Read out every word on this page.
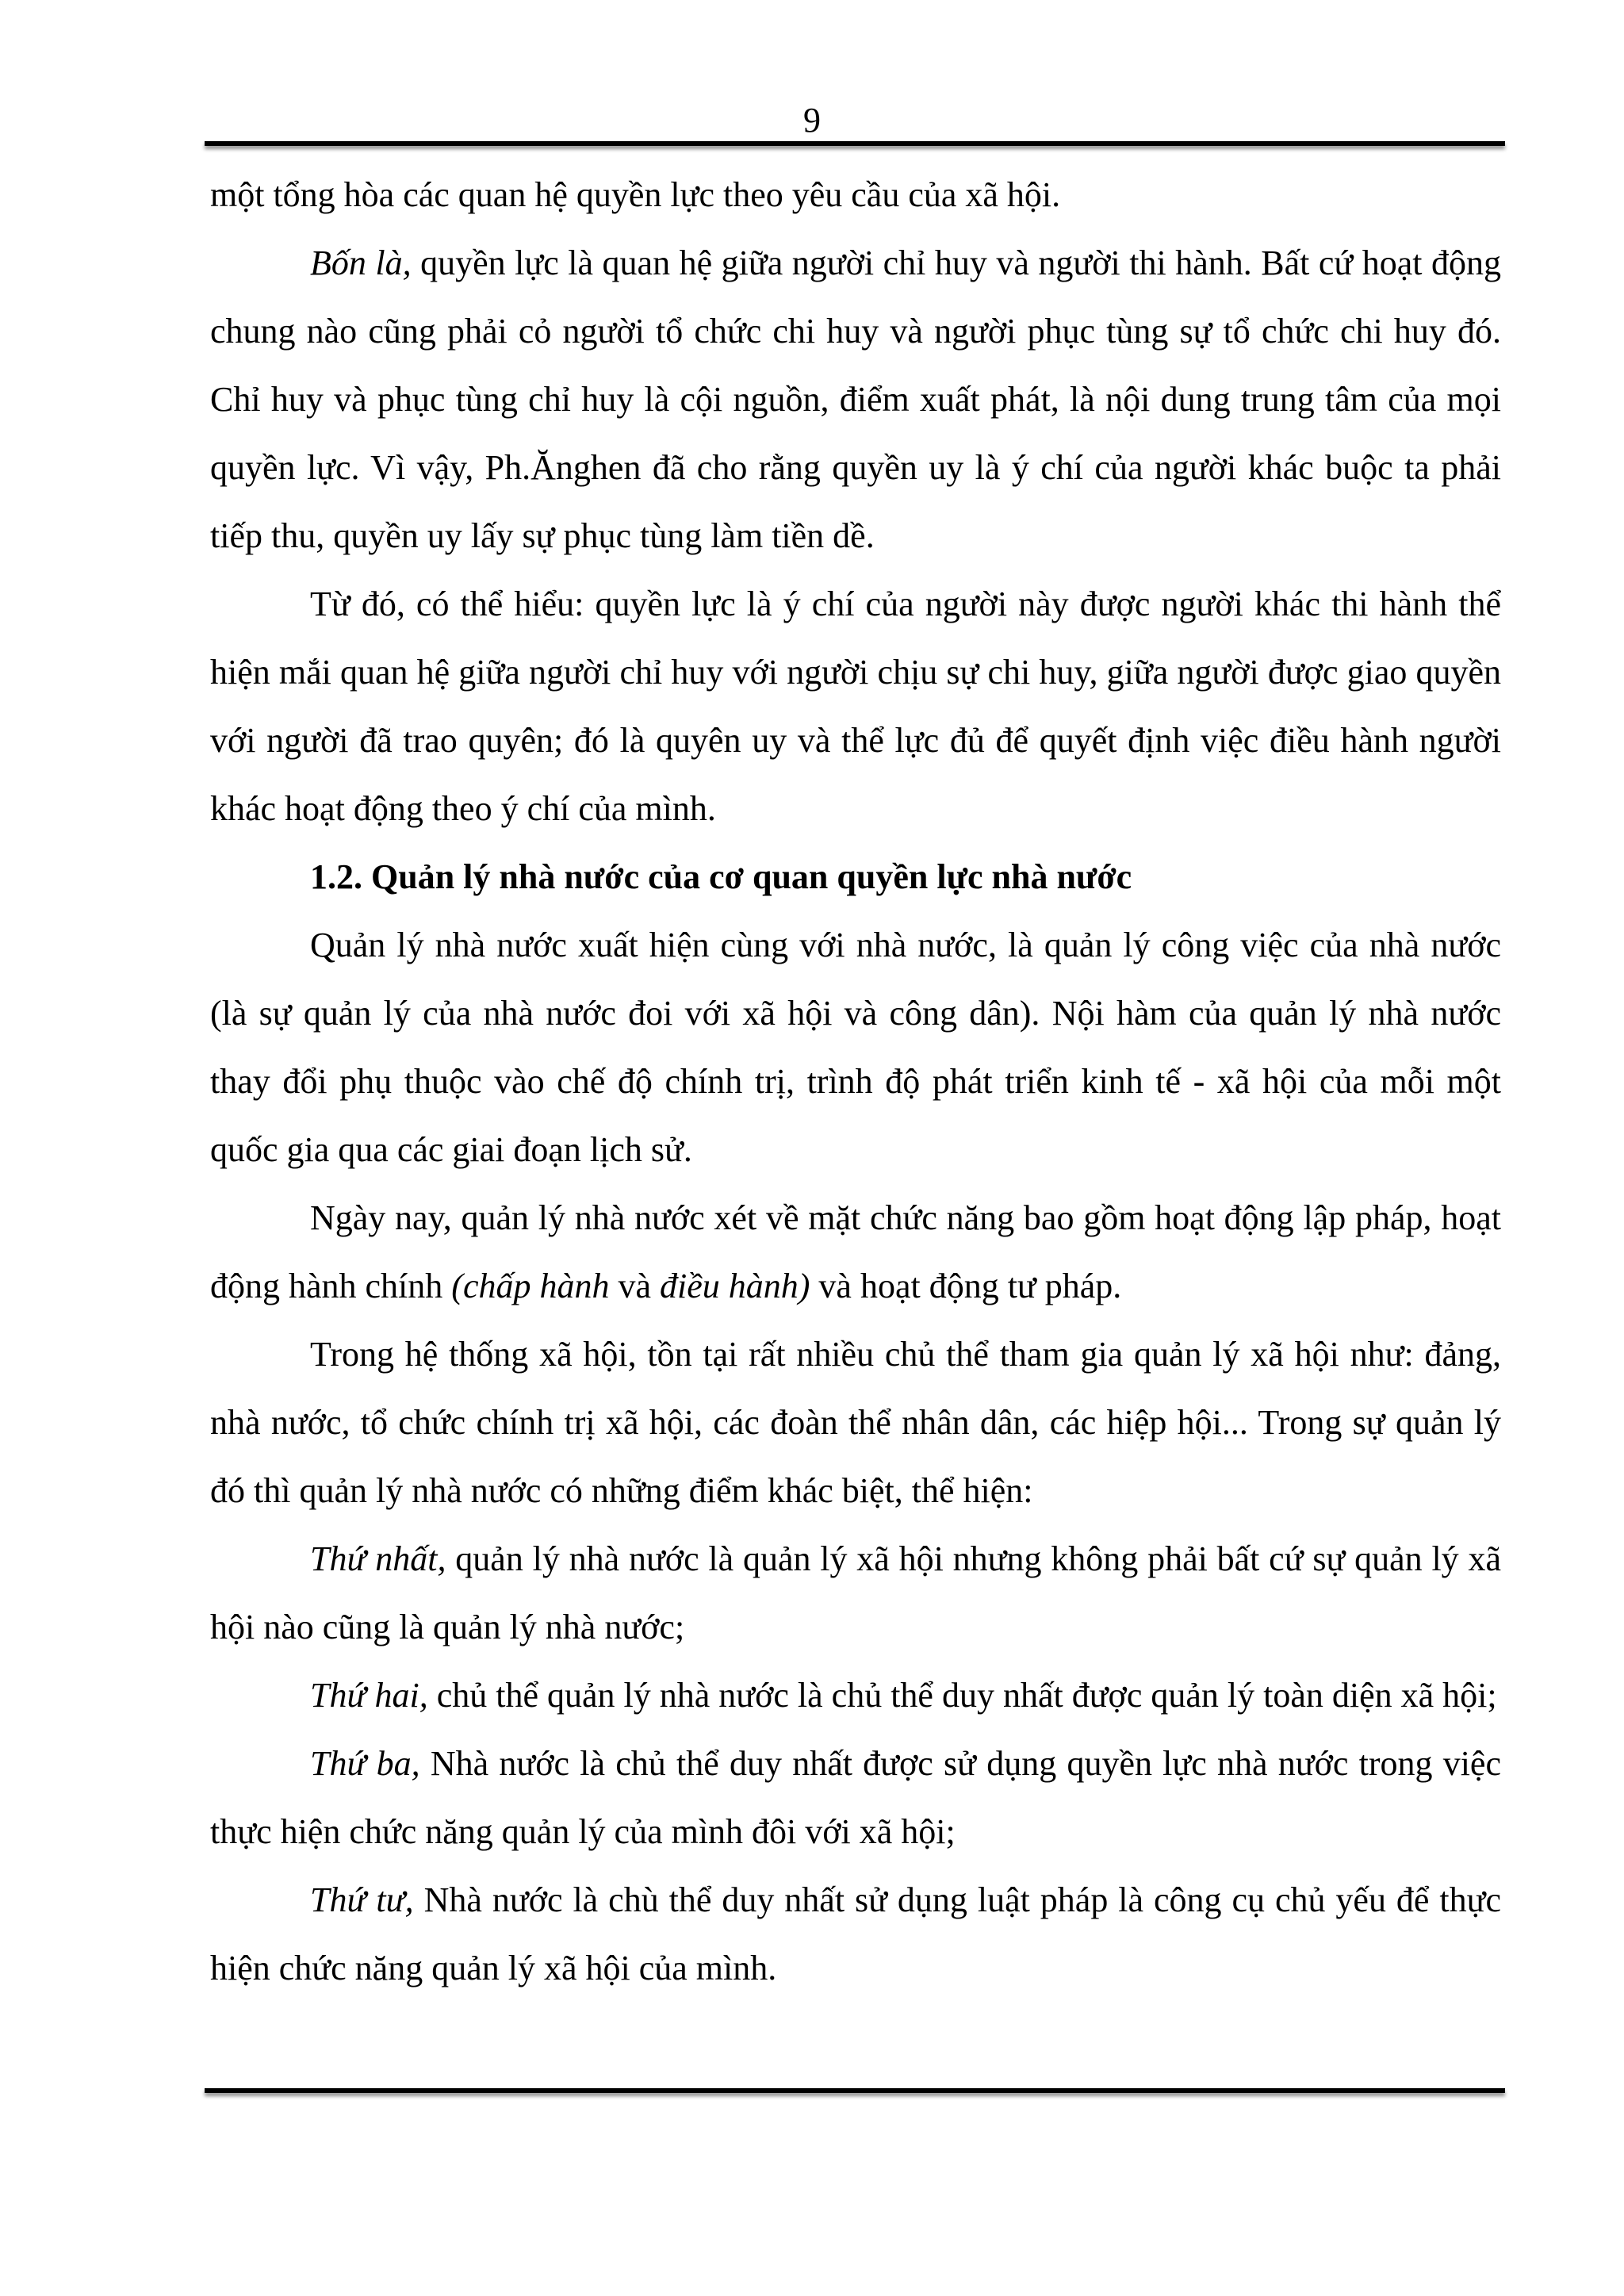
9

một tổng hòa các quan hệ quyền lực theo yêu cầu của xã hội.

Bốn là, quyền lực là quan hệ giữa người chỉ huy và người thi hành. Bất cứ hoạt động chung nào cũng phải cỏ người tổ chức chi huy và người phục tùng sự tổ chức chi huy đó. Chỉ huy và phục tùng chỉ huy là cội nguồn, điểm xuất phát, là nội dung trung tâm của mọi quyền lực. Vì vậy, Ph.Ănghen đã cho rằng quyền uy là ý chí của người khác buộc ta phải tiếp thu, quyền uy lấy sự phục tùng làm tiền dề.

Từ đó, có thể hiểu: quyền lực là ý chí của người này được người khác thi hành thể hiện mắi quan hệ giữa người chỉ huy với người chịu sự chi huy, giữa người được giao quyền với người đã trao quyên; đó là quyên uy và thể lực đủ để quyết định việc điều hành người khác hoạt động theo ý chí của mình.

1.2. Quản lý nhà nước của cơ quan quyền lực nhà nước

Quản lý nhà nước xuất hiện cùng với nhà nước, là quản lý công việc của nhà nước (là sự quản lý của nhà nước đoi với xã hội và công dân). Nội hàm của quản lý nhà nước thay đổi phụ thuộc vào chế độ chính trị, trình độ phát triển kinh tế - xã hội của mỗi một quốc gia qua các giai đoạn lịch sử.

Ngày nay, quản lý nhà nước xét về mặt chức năng bao gồm hoạt động lập pháp, hoạt động hành chính (chấp hành và điều hành) và hoạt động tư pháp.

Trong hệ thống xã hội, tồn tại rất nhiều chủ thể tham gia quản lý xã hội như: đảng, nhà nước, tổ chức chính trị xã hội, các đoàn thể nhân dân, các hiệp hội... Trong sự quản lý đó thì quản lý nhà nước có những điểm khác biệt, thể hiện:

Thứ nhất, quản lý nhà nước là quản lý xã hội nhưng không phải bất cứ sự quản lý xã hội nào cũng là quản lý nhà nước;

Thứ hai, chủ thể quản lý nhà nước là chủ thể duy nhất được quản lý toàn diện xã hội;

Thứ ba, Nhà nước là chủ thể duy nhất được sử dụng quyền lực nhà nước trong việc thực hiện chức năng quản lý của mình đôi với xã hội;

Thứ tư, Nhà nước là chù thể duy nhất sử dụng luật pháp là công cụ chủ yếu để thực hiện chức năng quản lý xã hội của mình.
